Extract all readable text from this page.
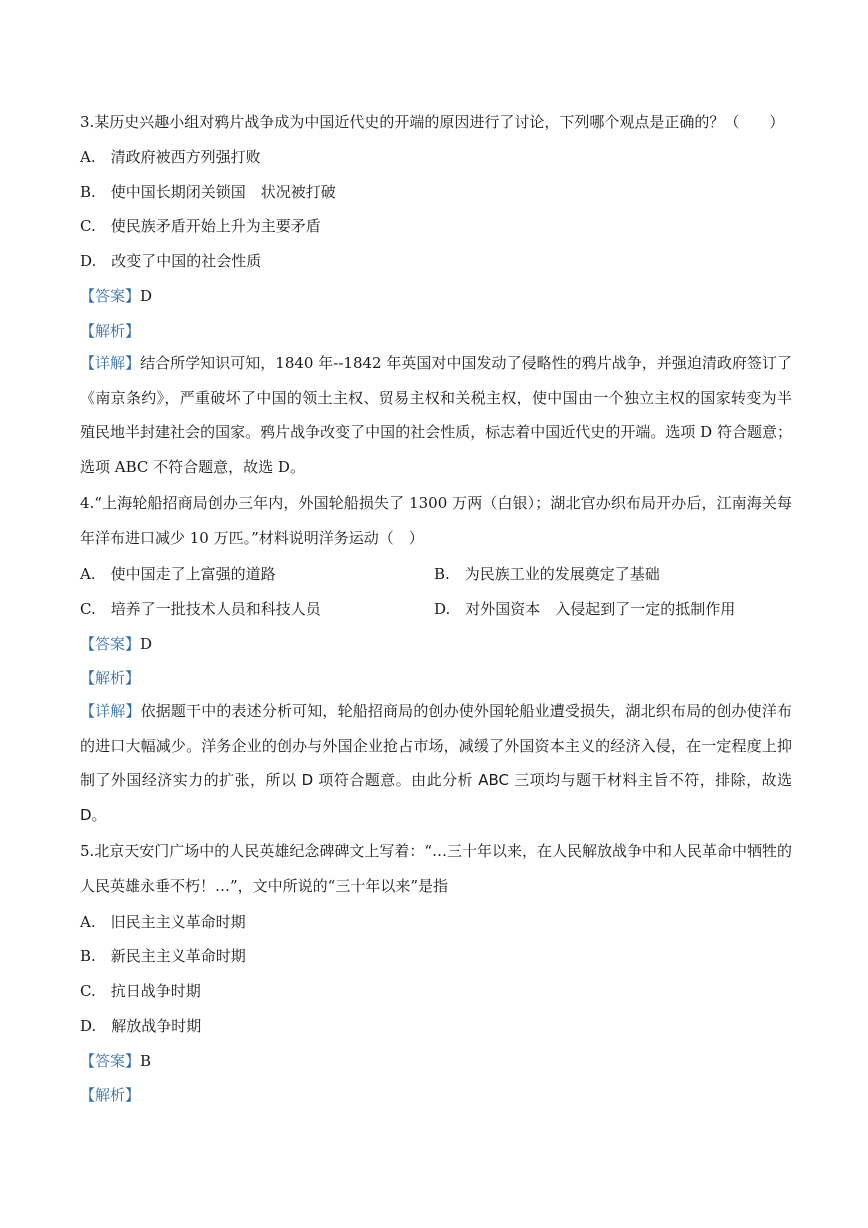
3.某历史兴趣小组对鸦片战争成为中国近代史的开端的原因进行了讨论，下列哪个观点是正确的？（　　）
A.　清政府被西方列强打败
B.　使中国长期闭关锁国　状况被打破
C.　使民族矛盾开始上升为主要矛盾
D.　改变了中国的社会性质
【答案】D
【解析】
【详解】结合所学知识可知，1840 年--1842 年英国对中国发动了侵略性的鸦片战争，并强迫清政府签订了《南京条约》，严重破坏了中国的领土主权、贸易主权和关税主权，使中国由一个独立主权的国家转变为半殖民地半封建社会的国家。鸦片战争改变了中国的社会性质，标志着中国近代史的开端。选项 D 符合题意；选项 ABC 不符合题意，故选 D。
4.“上海轮船招商局创办三年内，外国轮船损失了 1300 万两（白银）；湖北官办织布局开办后，江南海关每年洋布进口减少 10 万匹。”材料说明洋务运动（　）
A.　使中国走了上富强的道路	B.　为民族工业的发展奠定了基础
C.　培养了一批技术人员和科技人员	D.　对外国资本　入侵起到了一定的抵制作用
【答案】D
【解析】
【详解】依据题干中的表述分析可知，轮船招商局的创办使外国轮船业遭受损失，湖北织布局的创办使洋布的进口大幅减少。洋务企业的创办与外国企业抢占市场，减缓了外国资本主义的经济入侵，在一定程度上抑制了外国经济实力的扩张，所以 D 项符合题意。由此分析 ABC 三项均与题干材料主旨不符，排除，故选 D。
5.北京天安门广场中的人民英雄纪念碑碑文上写着：“…三十年以来，在人民解放战争中和人民革命中牺牲的人民英雄永垂不朽！…”，文中所说的“三十年以来”是指
A.　旧民主主义革命时期
B.　新民主主义革命时期
C.　抗日战争时期
D.　解放战争时期
【答案】B
【解析】
